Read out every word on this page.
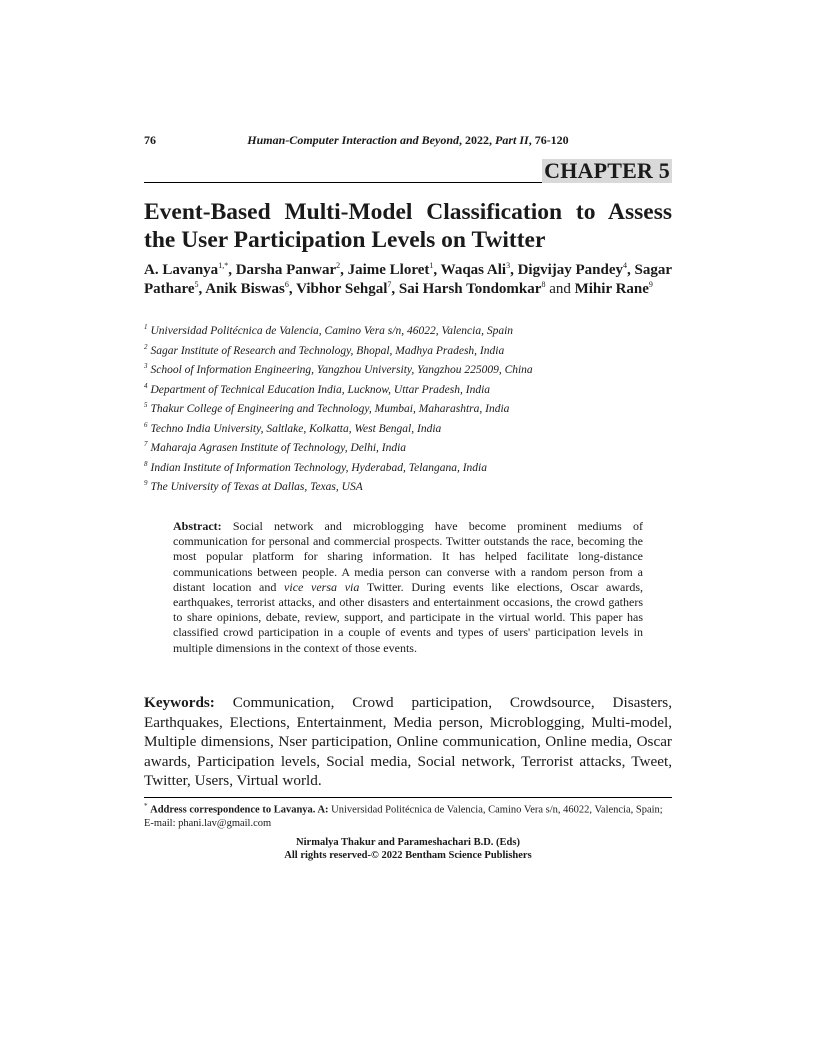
76	Human-Computer Interaction and Beyond, 2022, Part II, 76-120
CHAPTER 5
Event-Based Multi-Model Classification to Assess the User Participation Levels on Twitter
A. Lavanya$^{1,*}$, Darsha Panwar$^2$, Jaime Lloret$^1$, Waqas Ali$^3$, Digvijay Pandey$^4$, Sagar Pathare$^5$, Anik Biswas$^6$, Vibhor Sehgal$^7$, Sai Harsh Tondomkar$^8$ and Mihir Rane$^9$
$^1$ Universidad Politécnica de Valencia, Camino Vera s/n, 46022, Valencia, Spain
$^2$ Sagar Institute of Research and Technology, Bhopal, Madhya Pradesh, India
$^3$ School of Information Engineering, Yangzhou University, Yangzhou 225009, China
$^4$ Department of Technical Education India, Lucknow, Uttar Pradesh, India
$^5$ Thakur College of Engineering and Technology, Mumbai, Maharashtra, India
$^6$ Techno India University, Saltlake, Kolkatta, West Bengal, India
$^7$ Maharaja Agrasen Institute of Technology, Delhi, India
$^8$ Indian Institute of Information Technology, Hyderabad, Telangana, India
$^9$ The University of Texas at Dallas, Texas, USA
Abstract: Social network and microblogging have become prominent mediums of communication for personal and commercial prospects. Twitter outstands the race, becoming the most popular platform for sharing information. It has helped facilitate long-distance communications between people. A media person can converse with a random person from a distant location and vice versa via Twitter. During events like elections, Oscar awards, earthquakes, terrorist attacks, and other disasters and entertainment occasions, the crowd gathers to share opinions, debate, review, support, and participate in the virtual world. This paper has classified crowd participation in a couple of events and types of users' participation levels in multiple dimensions in the context of those events.
Keywords: Communication, Crowd participation, Crowdsource, Disasters, Earthquakes, Elections, Entertainment, Media person, Microblogging, Multi-model, Multiple dimensions, Nser participation, Online communication, Online media, Oscar awards, Participation levels, Social media, Social network, Terrorist attacks, Tweet, Twitter, Users, Virtual world.
* Address correspondence to Lavanya. A: Universidad Politécnica de Valencia, Camino Vera s/n, 46022, Valencia, Spain; E-mail: phani.lav@gmail.com
Nirmalya Thakur and Parameshachari B.D. (Eds)
All rights reserved-© 2022 Bentham Science Publishers
